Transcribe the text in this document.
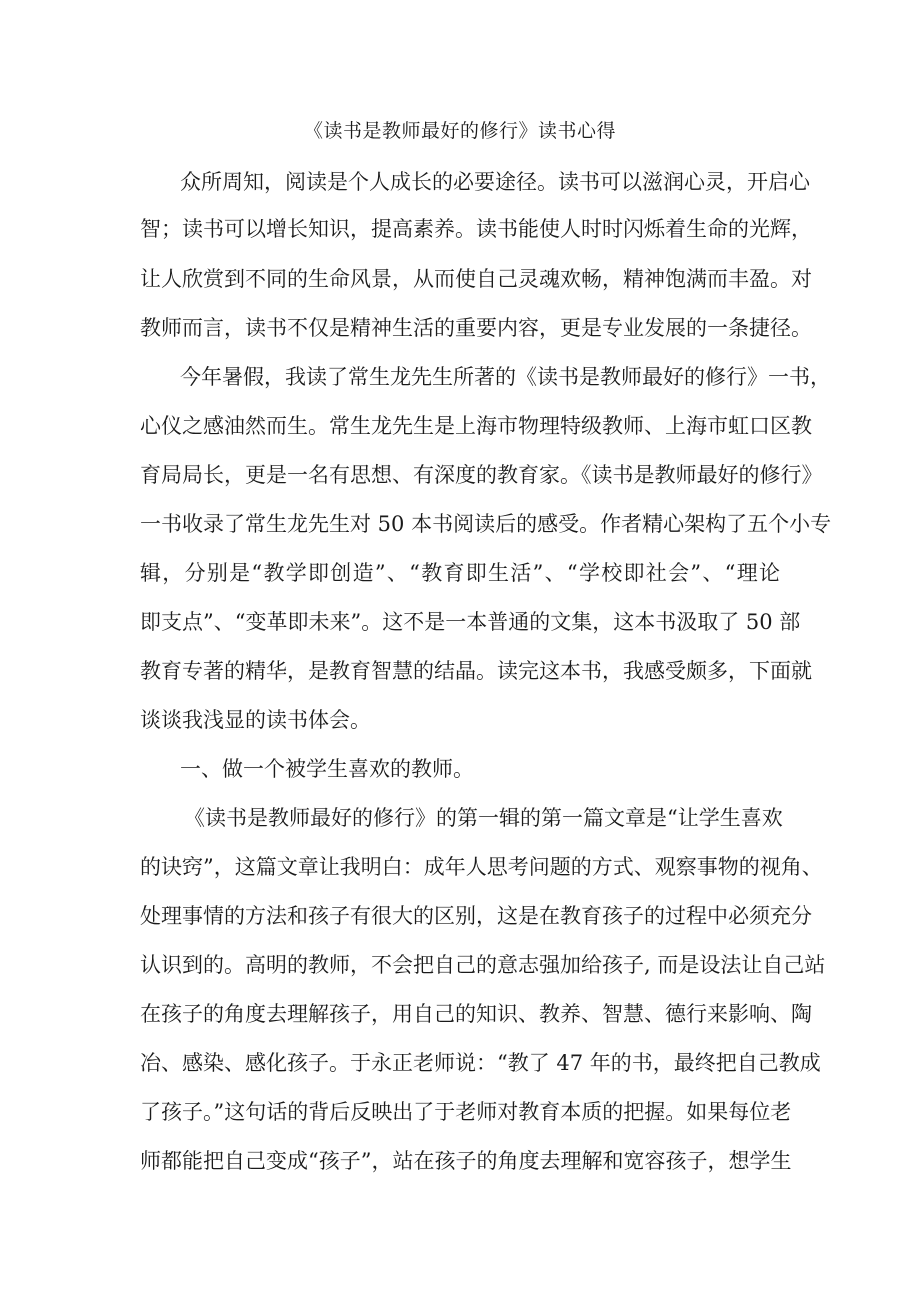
《读书是教师最好的修行》读书心得

众所周知，阅读是个人成长的必要途径。读书可以滋润心灵，开启心

智；读书可以增长知识，提高素养。读书能使人时时闪烁着生命的光辉，

让人欣赏到不同的生命风景，从而使自己灵魂欢畅，精神饱满而丰盈。对

教师而言，读书不仅是精神生活的重要内容，更是专业发展的一条捷径。

今年暑假，我读了常生龙先生所著的《读书是教师最好的修行》一书，

心仪之感油然而生。常生龙先生是上海市物理特级教师、上海市虹口区教

育局局长，更是一名有思想、有深度的教育家。《读书是教师最好的修行》

一书收录了常生龙先生对 50 本书阅读后的感受。作者精心架构了五个小专

辑，分别是“教学即创造”、“教育即生活”、“学校即社会”、“理论

即支点”、“变革即未来”。这不是一本普通的文集，这本书汲取了 50 部

教育专著的精华，是教育智慧的结晶。读完这本书，我感受颇多，下面就

谈谈我浅显的读书体会。

一、做一个被学生喜欢的教师。

《读书是教师最好的修行》的第一辑的第一篇文章是“让学生喜欢

的诀窍”，这篇文章让我明白：成年人思考问题的方式、观察事物的视角、

处理事情的方法和孩子有很大的区别，这是在教育孩子的过程中必须充分

认识到的。高明的教师，不会把自己的意志强加给孩子, 而是设法让自己站

在孩子的角度去理解孩子，用自己的知识、教养、智慧、德行来影响、陶

冶、感染、感化孩子。于永正老师说：“教了 47 年的书，最终把自己教成

了孩子。”这句话的背后反映出了于老师对教育本质的把握。如果每位老

师都能把自己变成“孩子”，站在孩子的角度去理解和宽容孩子，想学生
